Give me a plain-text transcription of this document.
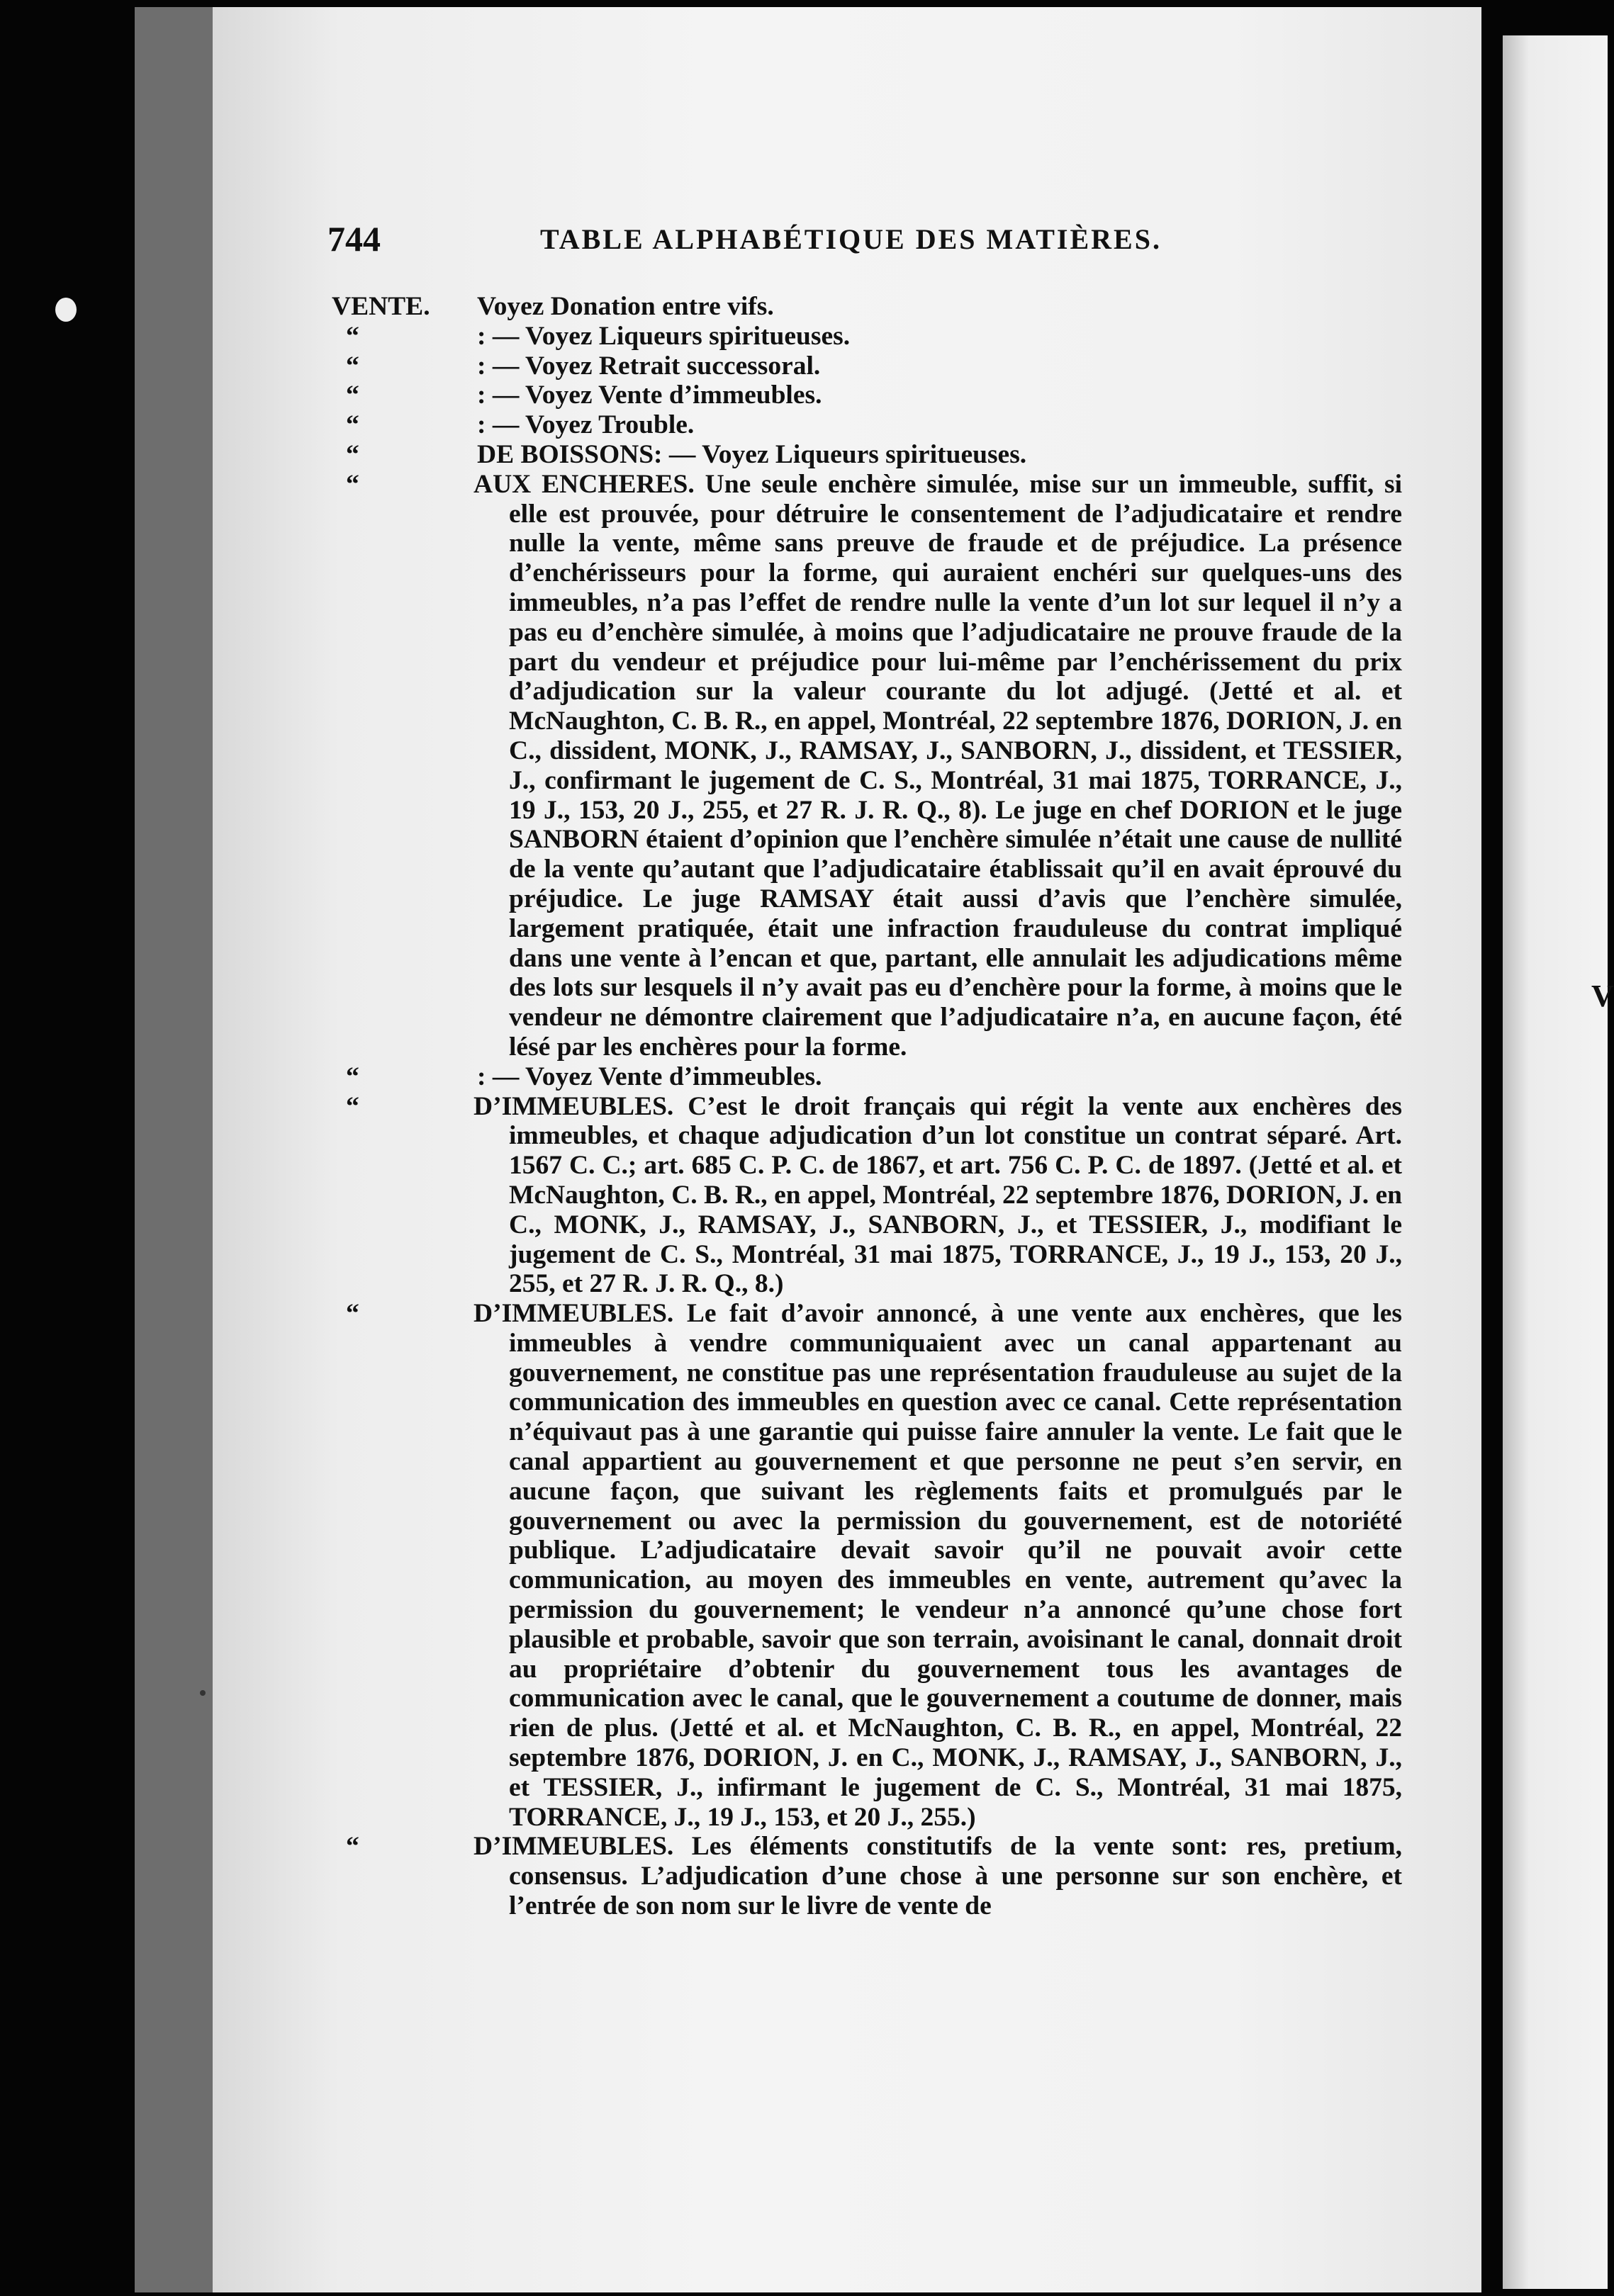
744	TABLE ALPHABÉTIQUE DES MATIÈRES.
VENTE. Voyez Donation entre vifs.
“	: — Voyez Liqueurs spiritueuses.
“	: — Voyez Retrait successoral.
“	: — Voyez Vente d’immeubles.
“	: — Voyez Trouble.
“	DE BOISSONS: — Voyez Liqueurs spiritueuses.
“	AUX ENCHERES. Une seule enchère simulée, mise sur un immeuble, suffit, si elle est prouvée, pour détruire le consentement de l’adjudicataire et rendre nulle la vente, même sans preuve de fraude et de préjudice. La présence d’enchérisseurs pour la forme, qui auraient enchéri sur quelques-uns des immeubles, n’a pas l’effet de rendre nulle la vente d’un lot sur lequel il n’y a pas eu d’enchère simulée, à moins que l’adjudicataire ne prouve fraude de la part du vendeur et préjudice pour lui-même par l’enchérissement du prix d’adjudication sur la valeur courante du lot adjugé. (Jetté et al. et McNaughton, C. B. R., en appel, Montréal, 22 septembre 1876, DORION, J. en C., dissident, MONK, J., RAMSAY, J., SANBORN, J., dissident, et TESSIER, J., confirmant le jugement de C. S., Montréal, 31 mai 1875, TORRANCE, J., 19 J., 153, 20 J., 255, et 27 R. J. R. Q., 8). Le juge en chef DORION et le juge SANBORN étaient d’opinion que l’enchère simulée n’était une cause de nullité de la vente qu’autant que l’adjudicataire établissait qu’il en avait éprouvé du préjudice. Le juge RAMSAY était aussi d’avis que l’enchère simulée, largement pratiquée, était une infraction frauduleuse du contrat impliqué dans une vente à l’encan et que, partant, elle annulait les adjudications même des lots sur lesquels il n’y avait pas eu d’enchère pour la forme, à moins que le vendeur ne démontre clairement que l’adjudicataire n’a, en aucune façon, été lésé par les enchères pour la forme.
“	: — Voyez Vente d’immeubles.
“	D’IMMEUBLES. C’est le droit français qui régit la vente aux enchères des immeubles, et chaque adjudication d’un lot constitue un contrat séparé. Art. 1567 C. C.; art. 685 C. P. C. de 1867, et art. 756 C. P. C. de 1897. (Jetté et al. et McNaughton, C. B. R., en appel, Montréal, 22 septembre 1876, DORION, J. en C., MONK, J., RAMSAY, J., SANBORN, J., et TESSIER, J., modifiant le jugement de C. S., Montréal, 31 mai 1875, TORRANCE, J., 19 J., 153, 20 J., 255, et 27 R. J. R. Q., 8.)
“	D’IMMEUBLES. Le fait d’avoir annoncé, à une vente aux enchères, que les immeubles à vendre communiquaient avec un canal appartenant au gouvernement, ne constitue pas une représentation frauduleuse au sujet de la communication des immeubles en question avec ce canal. Cette représentation n’équivaut pas à une garantie qui puisse faire annuler la vente. Le fait que le canal appartient au gouvernement et que personne ne peut s’en servir, en aucune façon, que suivant les règlements faits et promulgués par le gouvernement ou avec la permission du gouvernement, est de notoriété publique. L’adjudicataire devait savoir qu’il ne pouvait avoir cette communication, au moyen des immeubles en vente, autrement qu’avec la permission du gouvernement; le vendeur n’a annoncé qu’une chose fort plausible et probable, savoir que son terrain, avoisinant le canal, donnait droit au propriétaire d’obtenir du gouvernement tous les avantages de communication avec le canal, que le gouvernement a coutume de donner, mais rien de plus. (Jetté et al. et McNaughton, C. B. R., en appel, Montréal, 22 septembre 1876, DORION, J. en C., MONK, J., RAMSAY, J., SANBORN, J., et TESSIER, J., infirmant le jugement de C. S., Montréal, 31 mai 1875, TORRANCE, J., 19 J., 153, et 20 J., 255.)
“	D’IMMEUBLES. Les éléments constitutifs de la vente sont: res, pretium, consensus. L’adjudication d’une chose à une personne sur son enchère, et l’entrée de son nom sur le livre de vente de
V
